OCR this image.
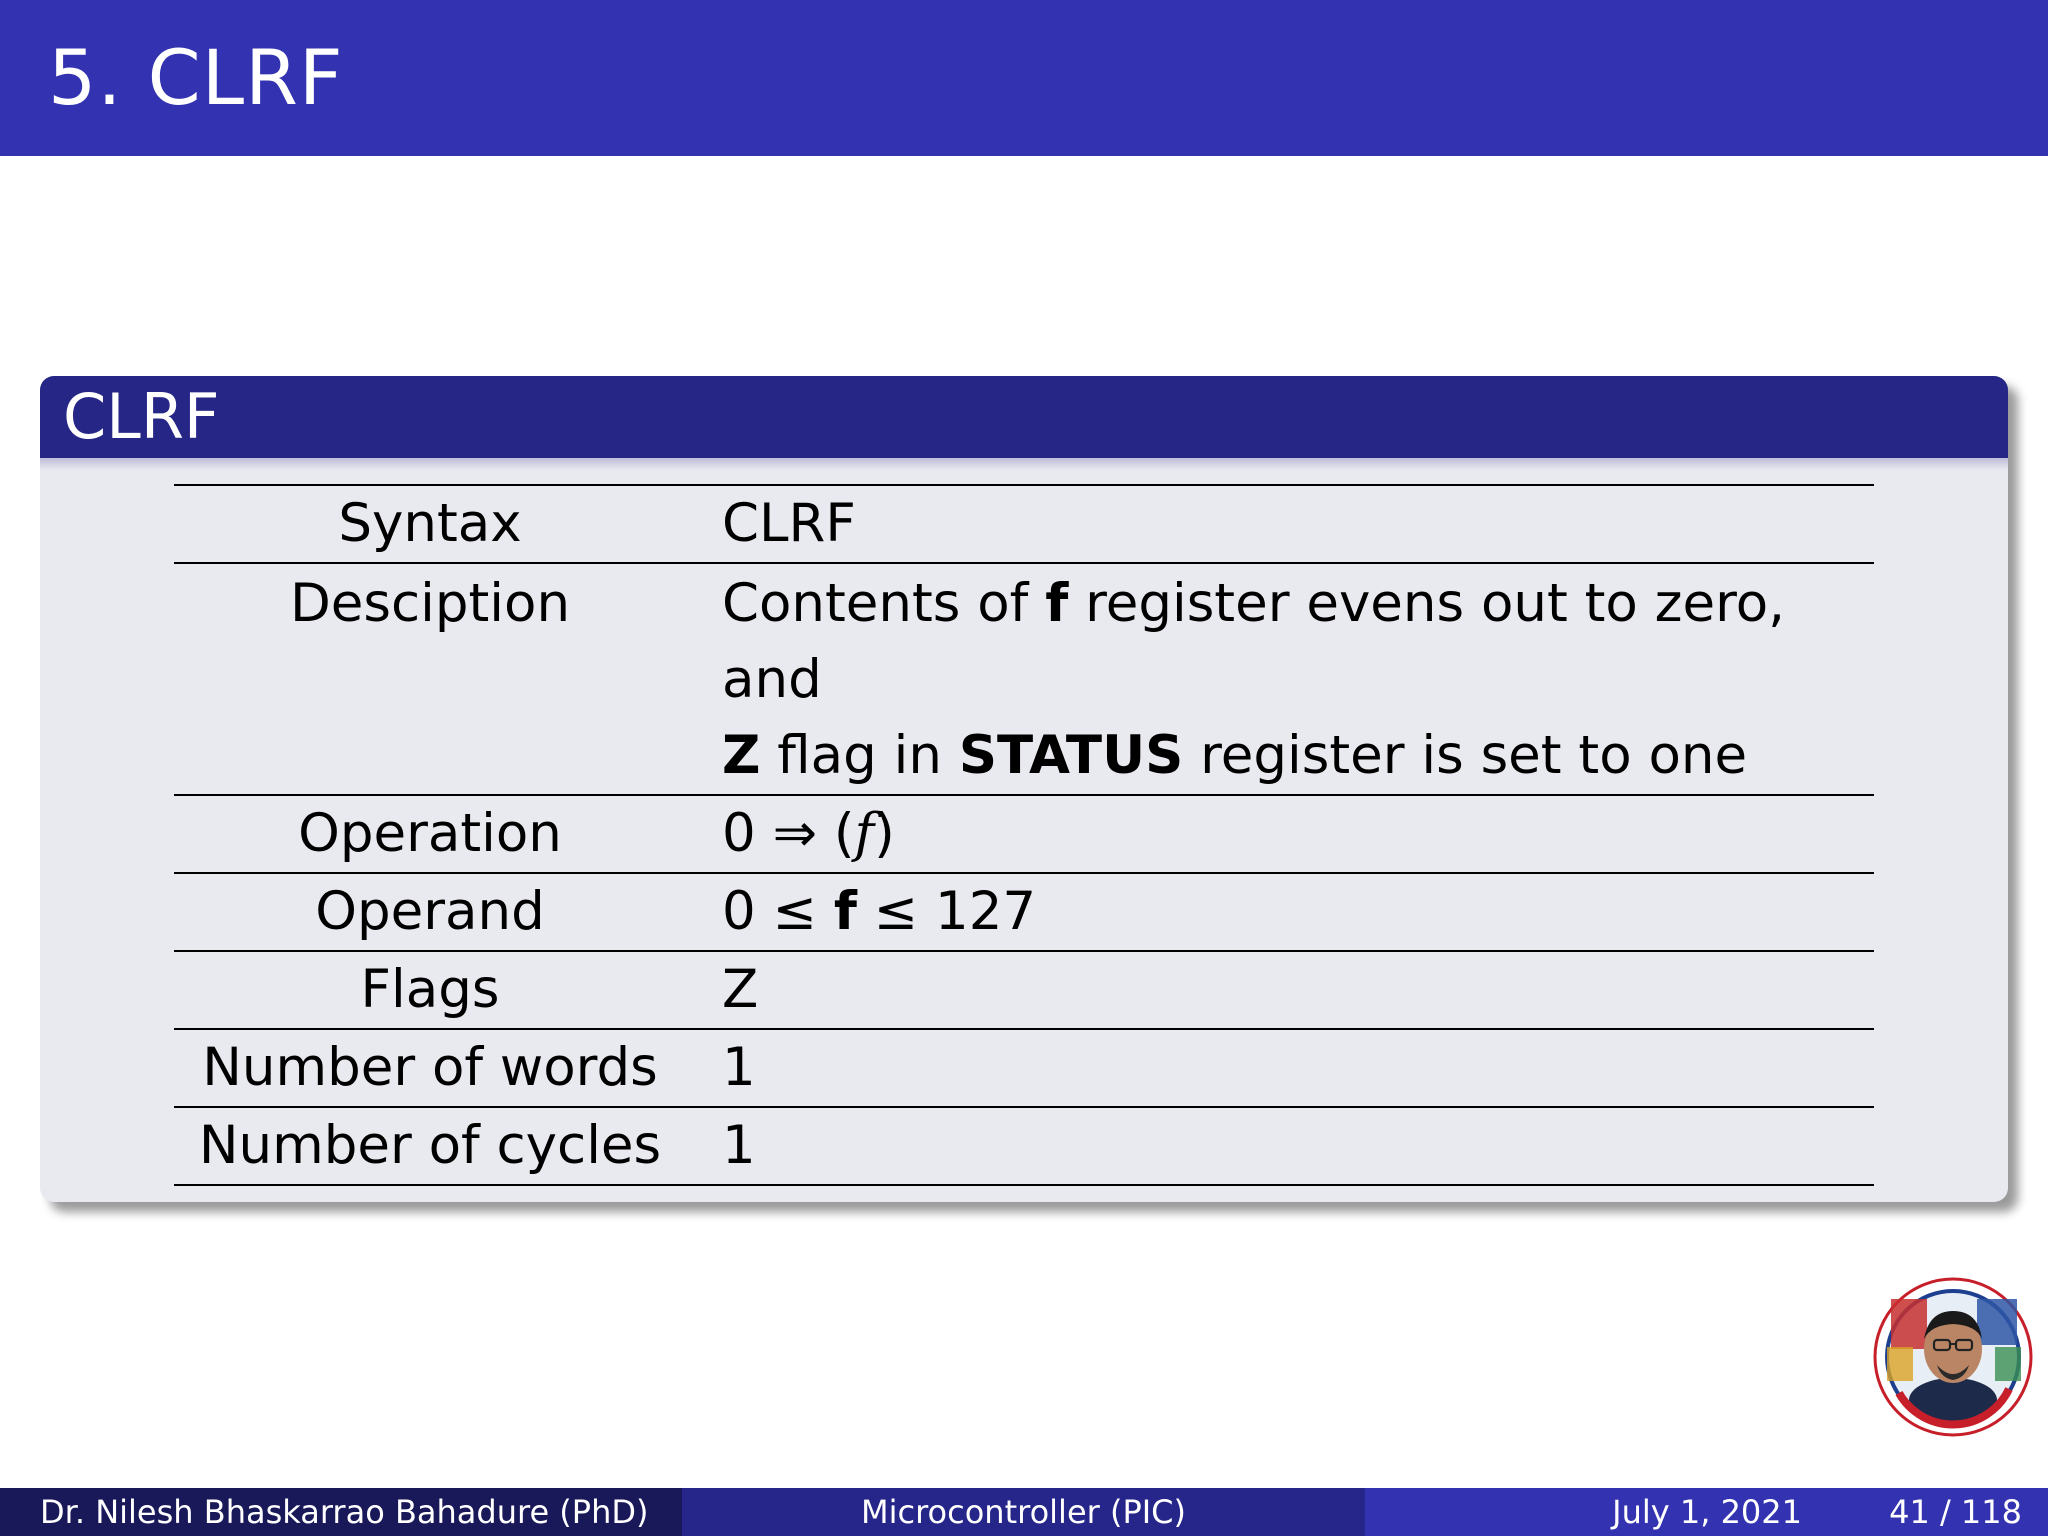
5. CLRF
CLRF
Syntax	CLRF
Desciption	Contents of f register evens out to zero, and
Z flag in STATUS register is set to one

Operation	0 ⇒ (f)
Operand	0 ≤ f ≤ 127
Flags	Z
Number of words	1
Number of cycles	1
Dr. Nilesh Bhaskarrao Bahadure (PhD)	Microcontroller (PIC)	July 1, 2021	41 / 118
